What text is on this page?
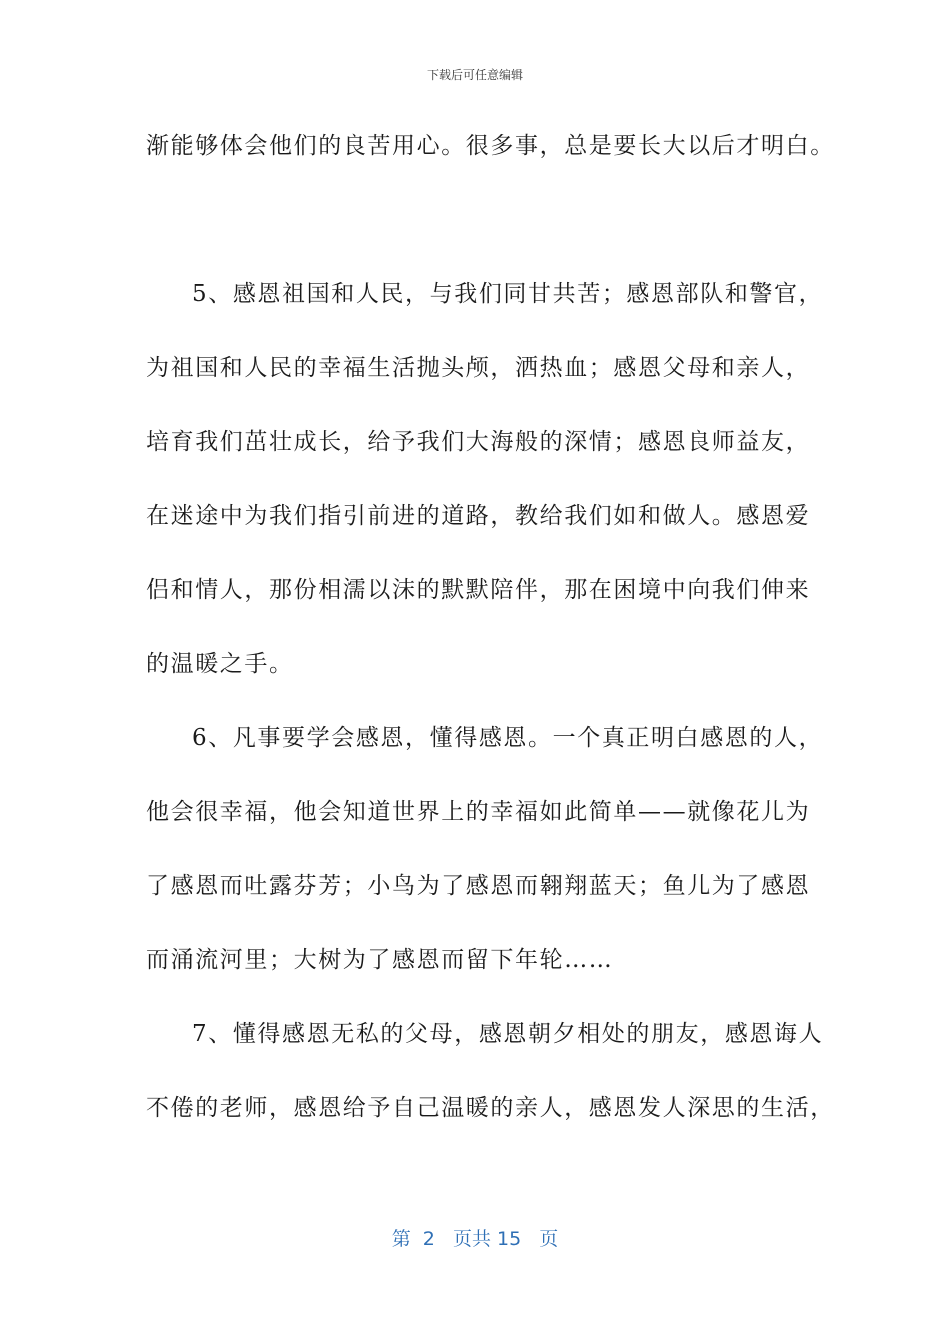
下载后可任意编辑
渐能够体会他们的良苦用心。很多事，总是要长大以后才明白。
5、感恩祖国和人民，与我们同甘共苦；感恩部队和警官，
为祖国和人民的幸福生活抛头颅，洒热血；感恩父母和亲人，
培育我们茁壮成长，给予我们大海般的深情；感恩良师益友，
在迷途中为我们指引前进的道路，教给我们如和做人。感恩爱
侣和情人，那份相濡以沫的默默陪伴，那在困境中向我们伸来
的温暖之手。
6、凡事要学会感恩，懂得感恩。一个真正明白感恩的人，
他会很幸福，他会知道世界上的幸福如此简单——就像花儿为
了感恩而吐露芬芳；小鸟为了感恩而翱翔蓝天；鱼儿为了感恩
而涌流河里；大树为了感恩而留下年轮……
7、懂得感恩无私的父母，感恩朝夕相处的朋友，感恩诲人
不倦的老师，感恩给予自己温暖的亲人，感恩发人深思的生活，
第  2   页共 15   页
